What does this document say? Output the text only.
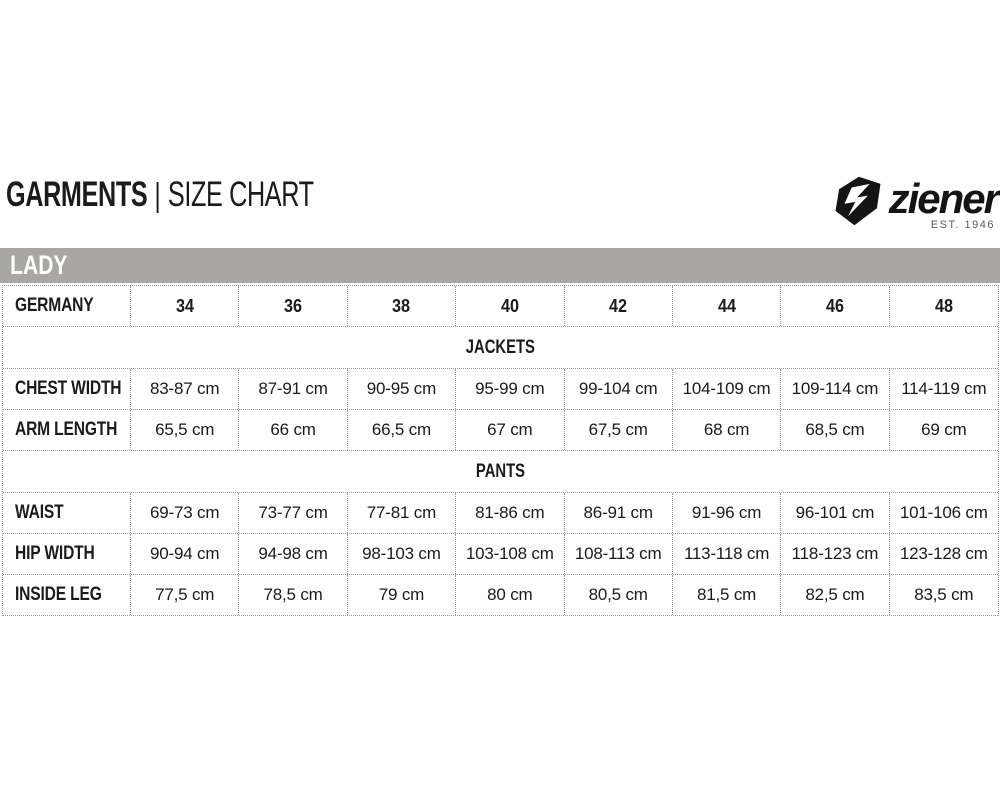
GARMENTS | SIZE CHART	ziener
EST. 1946
LADY
GERMANY	34	36	38	40	42	44	46	48
JACKETS
CHEST WIDTH 83-87 cm 87-91 cm 90-95 cm 95-99 cm 99-104 cm 104-109 cm 109-114 cm 114-119 cm
ARM LENGTH 65,5 cm	66 cm	66,5 cm	67 cm	67,5 cm	68 cm	68,5 cm	69 cm
PANTS
WAIST	69-73 cm 73-77 cm 77-81 cm 81-86 cm 86-91 cm 91-96 cm 96-101 cm 101-106 cm
HIP WIDTH	90-94 cm 94-98 cm 98-103 cm 103-108 cm 108-113 cm 113-118 cm 118-123 cm 123-128 cm
INSIDE LEG	77,5 cm	78,5 cm	79 cm	80 cm	80,5 cm	81,5 cm	82,5 cm	83,5 cm
